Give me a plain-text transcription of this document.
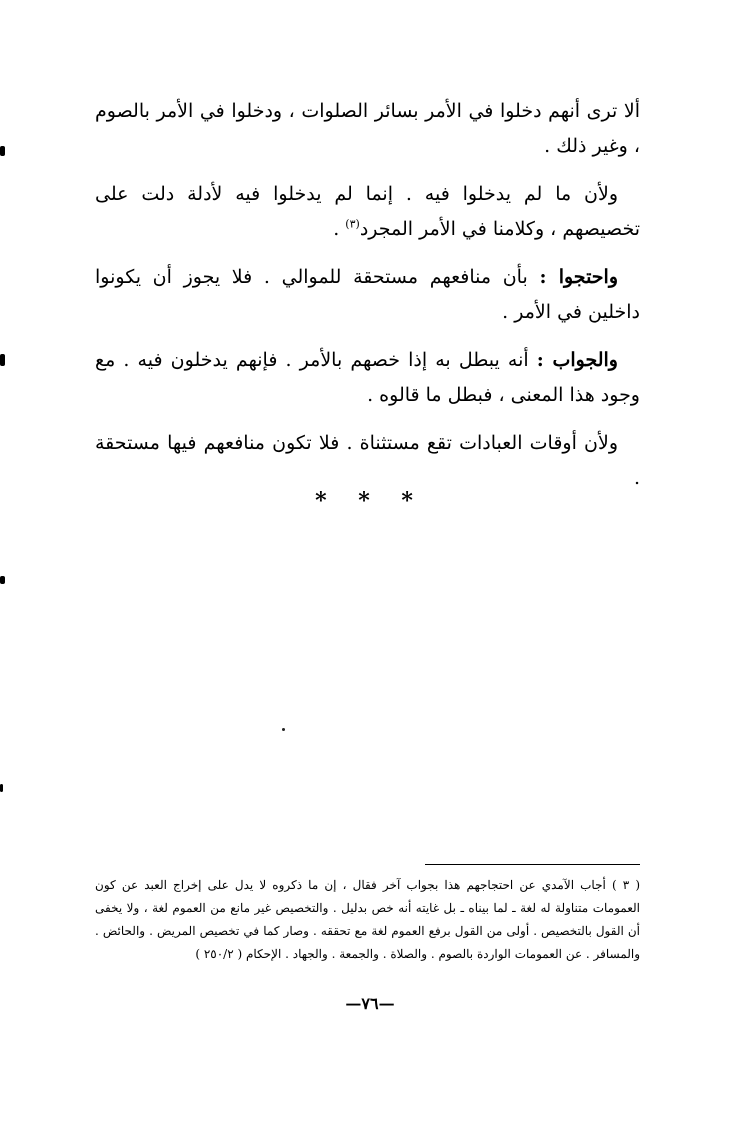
ألا ترى أنهم دخلوا في الأمر بسائر الصلوات ، ودخلوا في الأمر بالصوم ، وغير ذلك .

ولأن ما لم يدخلوا فيه . إنما لم يدخلوا فيه لأدلة دلت على تخصيصهم ، وكلامنا في الأمر المجرد$^{(٣)}$ .

واحتجوا : بأن منافعهم مستحقة للموالي . فلا يجوز أن يكونوا داخلين في الأمر .

والجواب : أنه يبطل به إذا خصهم بالأمر . فإنهم يدخلون فيه . مع وجود هذا المعنى ، فبطل ما قالوه .

ولأن أوقات العبادات تقع مستثناة . فلا تكون منافعهم فيها مستحقة .

* * *
( ٣ ) أجاب الآمدي عن احتجاجهم هذا بجواب آخر فقال ، إن ما ذكروه لا يدل على إخراج العبد عن كون العمومات متناولة له لغة ـ لما بيناه ـ بل غايته أنه خص بدليل . والتخصيص غير مانع من العموم لغة ، ولا يخفى أن القول بالتخصيص . أولى من القول برفع العموم لغة مع تحققه . وصار كما في تخصيص المريض . والحائض . والمسافر . عن العمومات الواردة بالصوم . والصلاة . والجمعة . والجهاد . الإحكام ( ٢٥٠/٢ )
—٧٦—
